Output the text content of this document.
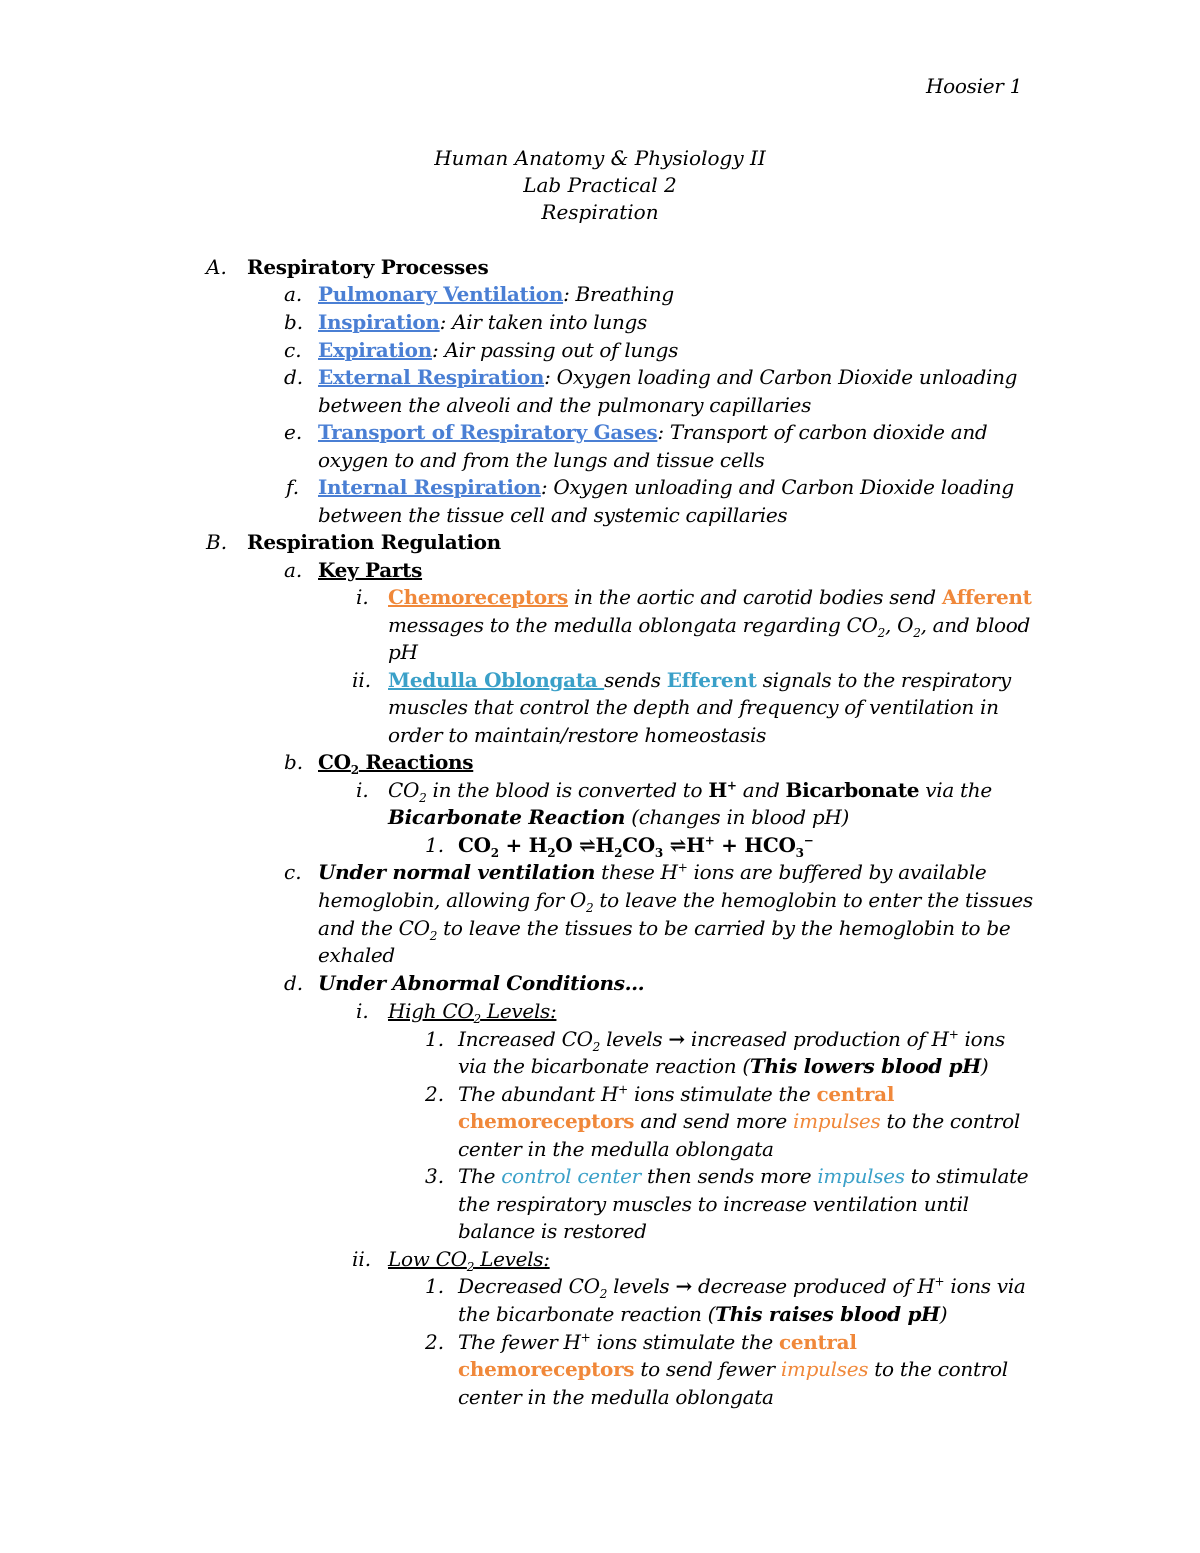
Hoosier 1
Human Anatomy & Physiology II
Lab Practical 2
Respiration
A. Respiratory Processes
a. Pulmonary Ventilation: Breathing
b. Inspiration: Air taken into lungs
c. Expiration: Air passing out of lungs
d. External Respiration: Oxygen loading and Carbon Dioxide unloading
between the alveoli and the pulmonary capillaries
e. Transport of Respiratory Gases: Transport of carbon dioxide and
oxygen to and from the lungs and tissue cells
f. Internal Respiration: Oxygen unloading and Carbon Dioxide loading
between the tissue cell and systemic capillaries
B. Respiration Regulation
a. Key Parts
i. Chemoreceptors in the aortic and carotid bodies send Afferent
messages to the medulla oblongata regarding $CO_2$, $O_2$, and blood
pH
ii. Medulla Oblongata sends Efferent signals to the respiratory
muscles that control the depth and frequency of ventilation in
order to maintain/restore homeostasis
b. $CO_2$ Reactions
i. $CO_2$ in the blood is converted to H+ and Bicarbonate via the
Bicarbonate Reaction (changes in blood pH)
1. $CO_2 + H_2O$ $\rightleftharpoons H_2CO_3$ ⇌H+ + $HCO_3^-$
c. Under normal ventilation these H+ ions are buffered by available
hemoglobin, allowing for $O_2$ to leave the hemoglobin to enter the tissues
and the $CO_2$ to leave the tissues to be carried by the hemoglobin to be
exhaled
d. Under Abnormal Conditions…
i. High $CO_2$ Levels:
1. Increased $CO_2$ levels → increased production of H+ ions
via the bicarbonate reaction (This lowers blood pH)
2. The abundant H+ ions stimulate the central
chemoreceptors and send more impulses to the control
center in the medulla oblongata
3. The control center then sends more impulses to stimulate
the respiratory muscles to increase ventilation until
balance is restored
ii. Low $CO_2$ Levels:
1. Decreased $CO_2$ levels → decrease produced of H+ ions via
the bicarbonate reaction (This raises blood pH)
2. The fewer H+ ions stimulate the central
chemoreceptors to send fewer impulses to the control
center in the medulla oblongata
